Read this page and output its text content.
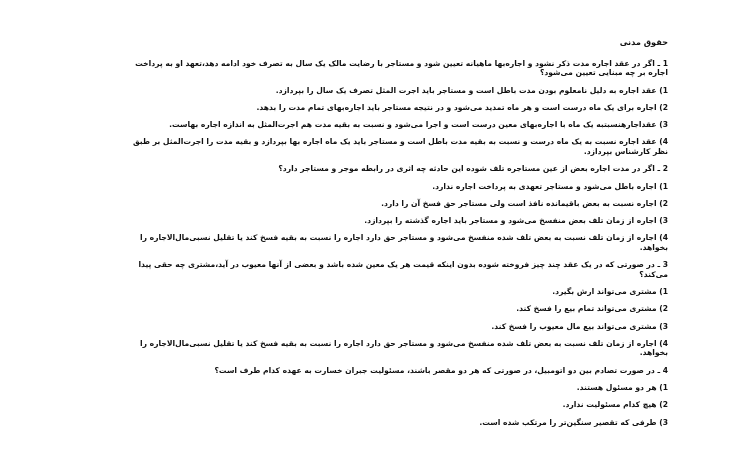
حقوق مدنی
1 ـ اگر در عقد اجاره مدت ذکر نشود و اجاره‌بها ماهیانه تعیین شود و مستاجر با رضایت مالک یک سال به تصرف خود ادامه دهد،تعهد او به پرداخت اجاره بر چه مبنایی تعیین می‌شود؟
1) عقد اجاره به دلیل نامعلوم بودن مدت باطل است و مستاجر باید اجرت المثل تصرف یک سال را بپردازد.
2) اجاره برای یک ماه درست است و هر ماه تمدید می‌شود و در نتیجه مستاجر باید اجاره‌بهای تمام مدت را بدهد.
3) عقداجارهنسبتبه یک ماه با اجاره‌بهای معین درست است و اجرا می‌شود و نسبت به بقیه مدت هم اجرت‌المثل به اندازه اجاره بهاست.
4) عقد اجاره نسبت به یک ماه درست و نسبت به بقیه مدت باطل است و مستاجر باید یک ماه اجاره بها بپردازد و بقیه مدت را اجرت‌المثل بر طبق نظر کارشناس بپردازد.
2 ـ اگر در مدت اجاره بعض از عین مستاجره تلف شوده این حادثه چه اثری در رابطه موجر و مستاجر دارد؟
1) اجاره باطل می‌شود و مستاجر تعهدی به پرداخت اجاره ندارد.
2) اجاره نسبت به بعض باقیمانده نافذ است ولی مستاجر حق فسخ آن را دارد.
3) اجاره از زمان تلف بعض منفسخ می‌شود و مستاجر باید اجاره گذشته را بپردازد.
4) اجاره از زمان تلف نسبت به بعض تلف شده منفسخ می‌شود و مستاجر حق دارد اجاره را نسبت به بقیه فسخ کند یا تقلیل نسبی‌مال‌الاجاره را بخواهد.
3 ـ در صورتی که در یک عقد چند چیز فروخته شوده بدون اینکه قیمت هر یک معین شده باشد و بعضی از آنها معیوب در آید،مشتری چه حقی پیدا می‌کند؟
1) مشتری می‌تواند ارش بگیرد.
2) مشتری می‌تواند تمام بیع را فسخ کند.
3) مشتری می‌تواند بیع مال معیوب را فسخ کند.
4) اجاره از زمان تلف نسبت به بعض تلف شده منفسخ می‌شود و مستاجر حق دارد اجاره را نسبت به بقیه فسخ کند یا تقلیل نسبی‌مال‌الاجاره را بخواهد.
4 ـ در صورت تصادم بین دو اتومبیل، در صورتی که هر دو مقصر باشند، مسئولیت جبران خسارت به عهده کدام طرف است؟
1) هر دو مسئول هستند.
2) هیچ کدام مسئولیت ندارد.
3) طرفی که تقصیر سنگین‌تر را مرتکب شده است.
